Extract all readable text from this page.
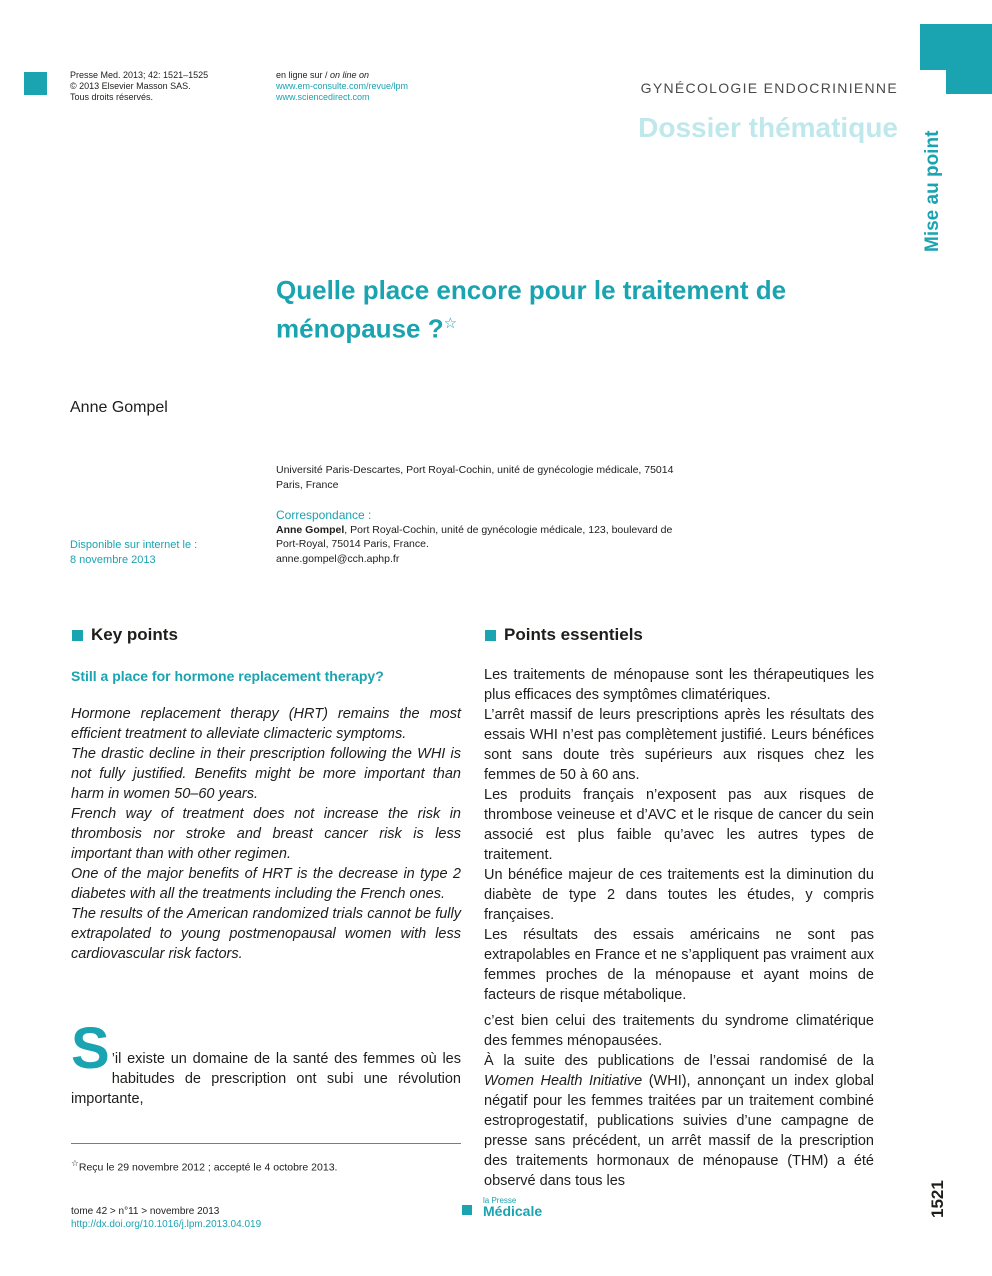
Presse Med. 2013; 42: 1521–1525
© 2013 Elsevier Masson SAS.
Tous droits réservés.
en ligne sur / on line on
www.em-consulte.com/revue/lpm
www.sciencedirect.com
GYNÉCOLOGIE ENDOCRINIENNE
Dossier thématique
Mise au point
Quelle place encore pour le traitement de
ménopause ?☆
Anne Gompel
Université Paris-Descartes, Port Royal-Cochin, unité de gynécologie médicale, 75014
Paris, France
Correspondance :
Anne Gompel, Port Royal-Cochin, unité de gynécologie médicale, 123, boulevard de
Port-Royal, 75014 Paris, France.
anne.gompel@cch.aphp.fr
Disponible sur internet le :
8 novembre 2013
Key points
Still a place for hormone replacement therapy?

Hormone replacement therapy (HRT) remains the most efficient treatment to alleviate climacteric symptoms.

The drastic decline in their prescription following the WHI is not fully justified. Benefits might be more important than harm in women 50–60 years.

French way of treatment does not increase the risk in thrombosis nor stroke and breast cancer risk is less important than with other regimen.

One of the major benefits of HRT is the decrease in type 2 diabetes with all the treatments including the French ones.

The results of the American randomized trials cannot be fully extrapolated to young postmenopausal women with less cardiovascular risk factors.

Points essentiels

Les traitements de ménopause sont les thérapeutiques les plus efficaces des symptômes climatériques.

L’arrêt massif de leurs prescriptions après les résultats des essais WHI n’est pas complètement justifié. Leurs bénéfices sont sans doute très supérieurs aux risques chez les femmes de 50 à 60 ans.

Les produits français n’exposent pas aux risques de thrombose veineuse et d’AVC et le risque de cancer du sein associé est plus faible qu’avec les autres types de traitement.

Un bénéfice majeur de ces traitements est la diminution du diabète de type 2 dans toutes les études, y compris françaises.

Les résultats des essais américains ne sont pas extrapolables en France et ne s’appliquent pas vraiment aux femmes proches de la ménopause et ayant moins de facteurs de risque métabolique.

S ’il existe un domaine de la santé des femmes où les habitudes de prescription ont subi une révolution importante,

☆Reçu le 29 novembre 2012 ; accepté le 4 octobre 2013.

c’est bien celui des traitements du syndrome climatérique des femmes ménopausées.

À la suite des publications de l’essai randomisé de la Women Health Initiative (WHI), annonçant un index global négatif pour les femmes traitées par un traitement combiné estroprogestatif, publications suivies d’une campagne de presse sans précédent, un arrêt massif de la prescription des traitements hormonaux de ménopause (THM) a été observé dans tous les

tome 42 > n°11 > novembre 2013
http://dx.doi.org/10.1016/j.lpm.2013.04.019
la Presse
Médicale	1521
